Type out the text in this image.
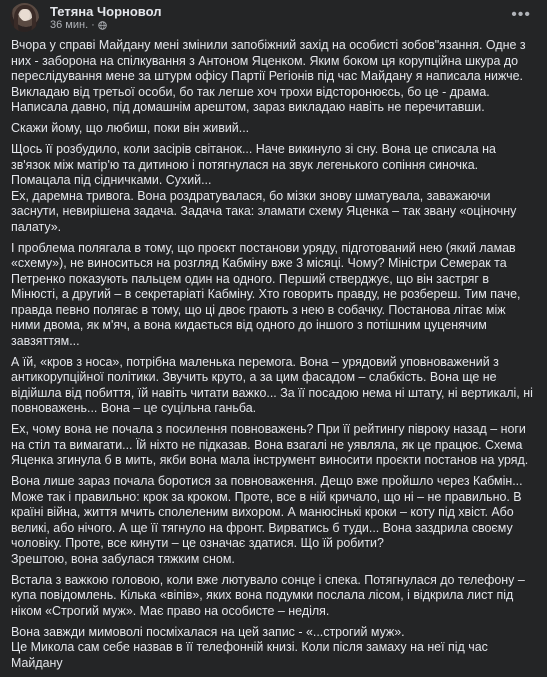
Тетяна Чорновол
36 мин. ·
•••

Вчора у справі Майдану мені змінили запобіжний захід на особисті зобов"язання. Одне з них - заборона на спілкування з Антоном Яценком. Яким боком ця корупційна шкура до переслідування мене за штурм офісу Партії Регіонів під час Майдану я написала нижче. Викладаю від третьої особи, бо так легше хоч трохи відсторонюєсь, бо це - драма. Написала давно, під домашнім арештом, зараз викладаю навіть не перечитавши.

Скажи йому, що любиш, поки він живий...

Щось її розбудило, коли засірів світанок... Наче викинуло зі сну. Вона це списала на зв'язок між матір'ю та дитиною і потягнулася на звук легенького сопіння синочка. Помацала під сідничками. Сухий...
Ех, даремна тривога. Вона роздратувалася, бо мізки знову шматувала, заважаючи заснути, невирішена задача. Задача така: зламати схему Яценка – так звану «оціночну палату».

І проблема полягала в тому, що проєкт постанови уряду, підготований нею (який ламав «схему»), не виноситься на розгляд Кабміну вже 3 місяці. Чому? Міністри Семерак та Петренко показують пальцем один на одного. Перший стверджує, що він застряг в Мінюсті, а другий – в секретаріаті Кабміну. Хто говорить правду, не розбереш. Тим паче, правда певно полягає в тому, що ці двоє грають з нею в собачку. Постанова літає між ними двома, як м'яч, а вона кидається від одного до іншого з потішним цуценячим завзяттям...

А їй, «кров з носа», потрібна маленька перемога. Вона – урядовий уповноважений з антикорупційної політики. Звучить круто, а за цим фасадом – слабкість. Вона ще не відійшла від побиття, їй навіть читати важко... За її посадою нема ні штату, ні вертикалі, ні повноважень... Вона – це суцільна ганьба.

Ех, чому вона не почала з посилення повноважень? При її рейтингу півроку назад – ноги на стіл та вимагати... Їй ніхто не підказав. Вона взагалі не уявляла, як це працює. Схема Яценка згинула б в мить, якби вона мала інструмент виносити проєкти постанов на уряд.

Вона лише зараз почала боротися за повноваження. Дещо вже пройшло через Кабмін... Може так і правильно: крок за кроком. Проте, все в ній кричало, що ні – не правильно. В країні війна, життя мчить сполеленим вихором. А манюсінькі кроки – коту під хвіст. Або великі, або нічого. А ще її тягнуло на фронт. Вирватись б туди... Вона заздрила своєму чоловіку. Проте, все кинути – це означає здатися. Що їй робити?
Зрештою, вона забулася тяжким сном.

Встала з важкою головою, коли вже лютувало сонце і спека. Потягнулася до телефону – купа повідомлень. Кілька «віпів», яких вона подумки послала лісом, і відкрила лист під ніком «Строгий муж». Має право на особисте – неділя.

Вона завжди мимоволі посміхалася на цей запис - «...строгий муж».
Це Микола сам себе назвав в її телефонній книзі. Коли після замаху на неї під час Майдану
